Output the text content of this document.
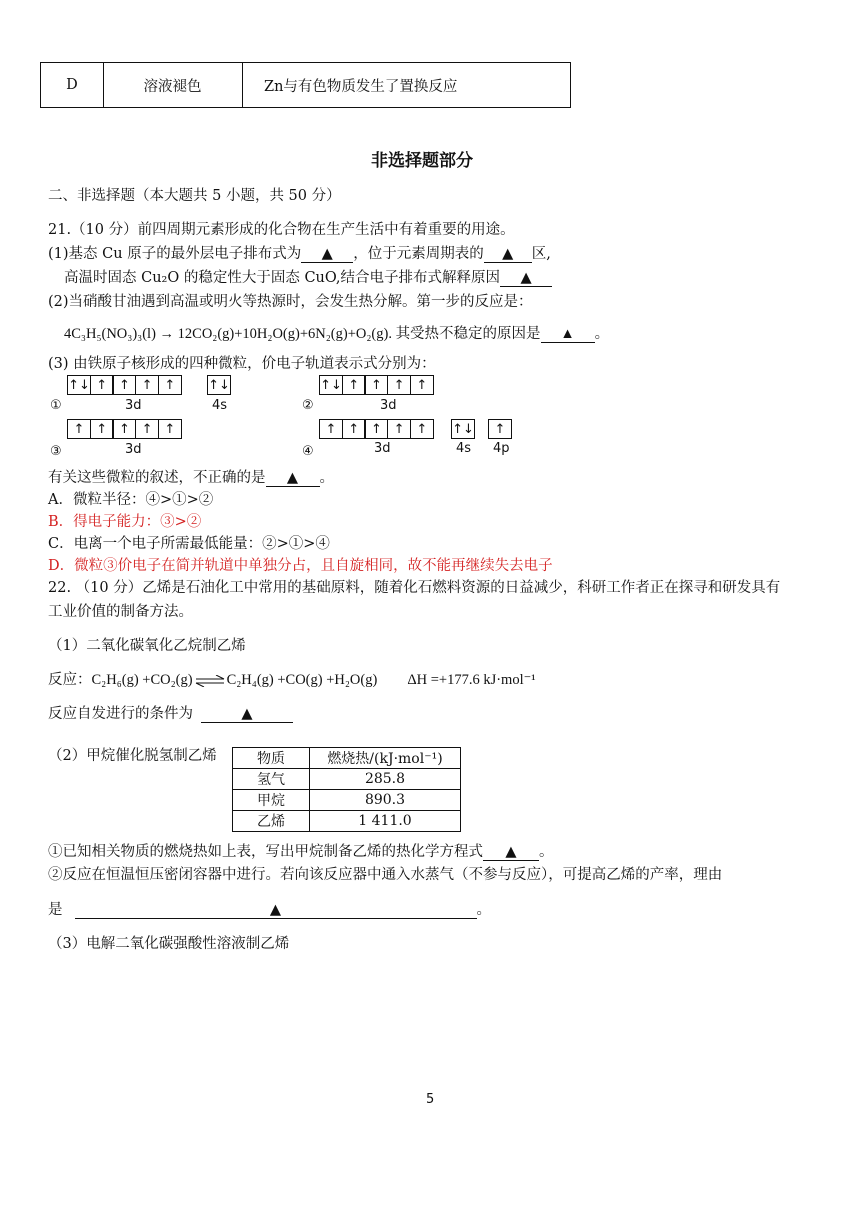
D	溶液褪色	Zn与有色物质发生了置换反应
非选择题部分
二、非选择题（本大题共 5 小题，共 50 分）
21.（10 分）前四周期元素形成的化合物在生产生活中有着重要的用途。
(1)基态 Cu 原子的最外层电子排布式为 ▲ ，位于元素周期表的 ▲ 区,
高温时固态 Cu₂O 的稳定性大于固态 CuO,结合电子排布式解释原因 ▲
(2)当硝酸甘油遇到高温或明火等热源时，会发生热分解。第一步的反应是：
4C₃H₅(NO₃)₃(l) → 12CO₂(g)+10H₂O(g)+6N₂(g)+O₂(g). 其受热不稳定的原因是 ▲ 。
(3) 由铁原子核形成的四种微粒，价电子轨道表示式分别为：
①
↑↓ ↑ ↑ ↑ ↑	↑↓
3d	4s	②
↑↓ ↑ ↑ ↑ ↑
3d
③
↑ ↑ ↑ ↑ ↑
3d	④
↑ ↑ ↑ ↑ ↑	↑↓	↑
3d	4s 4p
有关这些微粒的叙述，不正确的是 ▲ 。
A．微粒半径：④>①>②
B．得电子能力：③>②
C．电离一个电子所需最低能量：②>①>④
D．微粒③价电子在简并轨道中单独分占，且自旋相同，故不能再继续失去电子
22. （10 分）乙烯是石油化工中常用的基础原料，随着化石燃料资源的日益减少，科研工作者正在探寻和研发具有
工业价值的制备方法。
（1）二氧化碳氧化乙烷制乙烯
反应：C₂H₆(g) +CO₂(g)⇌C₂H₄(g) +CO(g) +H₂O(g) ΔH =+177.6 kJ·mol⁻¹
反应自发进行的条件为	▲
（2）甲烷催化脱氢制乙烯	物质	燃烧热/(kJ·mol⁻¹)
氢气	285.8
甲烷	890.3
乙烯	1 411.0
①已知相关物质的燃烧热如上表，写出甲烷制备乙烯的热化学方程式 ▲ 。
②反应在恒温恒压密闭容器中进行。若向该反应器中通入水蒸气（不参与反应），可提高乙烯的产率，理由
是	▲	。
（3）电解二氧化碳强酸性溶液制乙烯
5
